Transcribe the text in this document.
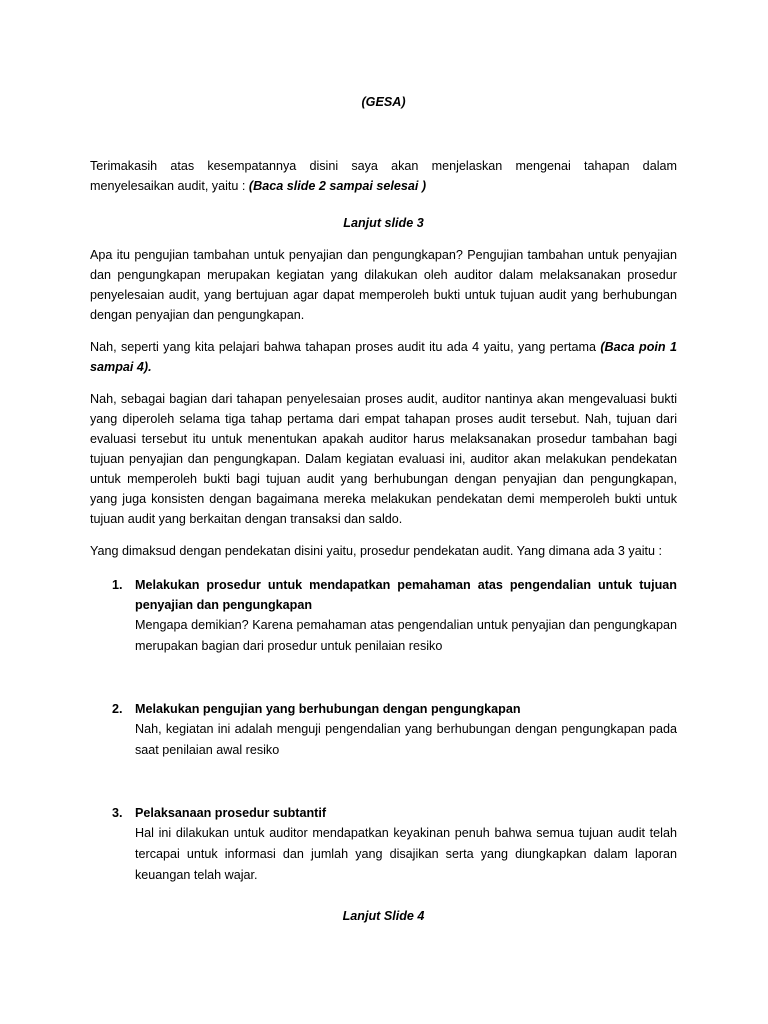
(GESA)

Terimakasih atas kesempatannya disini saya akan menjelaskan mengenai tahapan dalam menyelesaikan audit, yaitu : (Baca slide 2 sampai selesai )

Lanjut slide 3

Apa itu pengujian tambahan untuk penyajian dan pengungkapan? Pengujian tambahan untuk penyajian dan pengungkapan merupakan kegiatan yang dilakukan oleh auditor dalam melaksanakan prosedur penyelesaian audit, yang bertujuan agar dapat memperoleh bukti untuk tujuan audit yang berhubungan dengan penyajian dan pengungkapan.

Nah, seperti yang kita pelajari bahwa tahapan proses audit itu ada 4 yaitu, yang pertama (Baca poin 1 sampai 4).

Nah, sebagai bagian dari tahapan penyelesaian proses audit, auditor nantinya akan mengevaluasi bukti yang diperoleh selama tiga tahap pertama dari empat tahapan proses audit tersebut. Nah, tujuan dari evaluasi tersebut itu untuk menentukan apakah auditor harus melaksanakan prosedur tambahan bagi tujuan penyajian dan pengungkapan. Dalam kegiatan evaluasi ini, auditor akan melakukan pendekatan untuk memperoleh bukti bagi tujuan audit yang berhubungan dengan penyajian dan pengungkapan, yang juga konsisten dengan bagaimana mereka melakukan pendekatan demi memperoleh bukti untuk tujuan audit yang berkaitan dengan transaksi dan saldo.

Yang dimaksud dengan pendekatan disini yaitu, prosedur pendekatan audit. Yang dimana ada 3 yaitu :

1. Melakukan prosedur untuk mendapatkan pemahaman atas pengendalian untuk tujuan penyajian dan pengungkapan
Mengapa demikian? Karena pemahaman atas pengendalian untuk penyajian dan pengungkapan merupakan bagian dari prosedur untuk penilaian resiko
2. Melakukan pengujian yang berhubungan dengan pengungkapan
Nah, kegiatan ini adalah menguji pengendalian yang berhubungan dengan pengungkapan pada saat penilaian awal resiko
3. Pelaksanaan prosedur subtantif
Hal ini dilakukan untuk auditor mendapatkan keyakinan penuh bahwa semua tujuan audit telah tercapai untuk informasi dan jumlah yang disajikan serta yang diungkapkan dalam laporan keuangan telah wajar.
Lanjut Slide 4
